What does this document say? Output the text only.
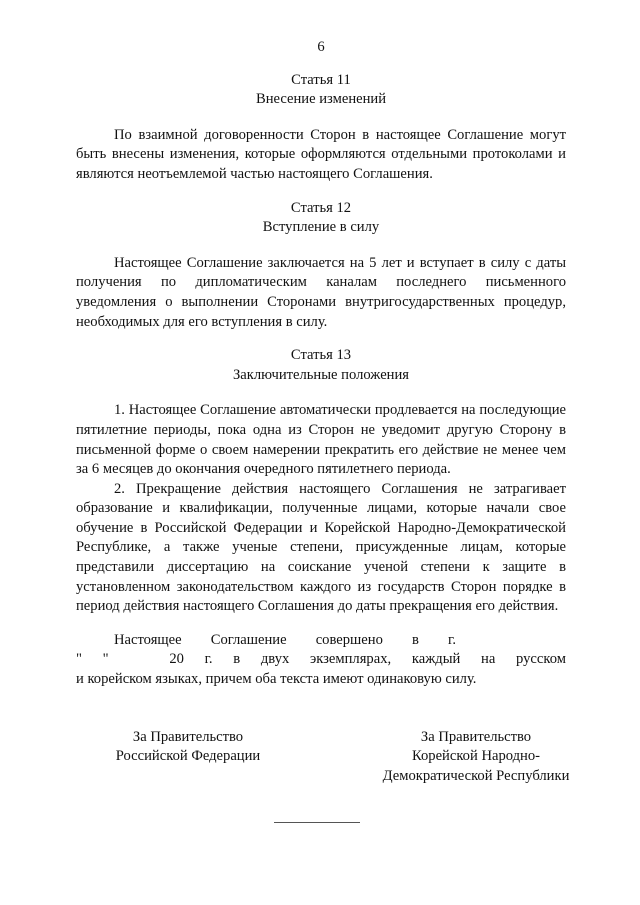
6

Статья 11

Внесение изменений

По взаимной договоренности Сторон в настоящее Соглашение могут быть внесены изменения, которые оформляются отдельными протоколами и являются неотъемлемой частью настоящего Соглашения.

Статья 12

Вступление в силу

Настоящее Соглашение заключается на 5 лет и вступает в силу с даты получения по дипломатическим каналам последнего письменного уведомления о выполнении Сторонами внутригосударственных процедур, необходимых для его вступления в силу.

Статья 13

Заключительные положения

1. Настоящее Соглашение автоматически продлевается на последующие пятилетние периоды, пока одна из Сторон не уведомит другую Сторону в письменной форме о своем намерении прекратить его действие не менее чем за 6 месяцев до окончания очередного пятилетнего периода.

2. Прекращение действия настоящего Соглашения не затрагивает образование и квалификации, полученные лицами, которые начали свое обучение в Российской Федерации и Корейской Народно-Демократической Республике, а также ученые степени, присужденные лицам, которые представили диссертацию на соискание ученой степени к защите в установленном законодательством каждого из государств Сторон порядке в период действия настоящего Соглашения до даты прекращения его действия.

Настоящее Соглашение совершено в г.
" "	20 г. в двух экземплярах, каждый на русском

и корейском языках, причем оба текста имеют одинаковую силу.

За Правительство
Российской Федерации
За Правительство
Корейской Народно-
Демократической Республики
